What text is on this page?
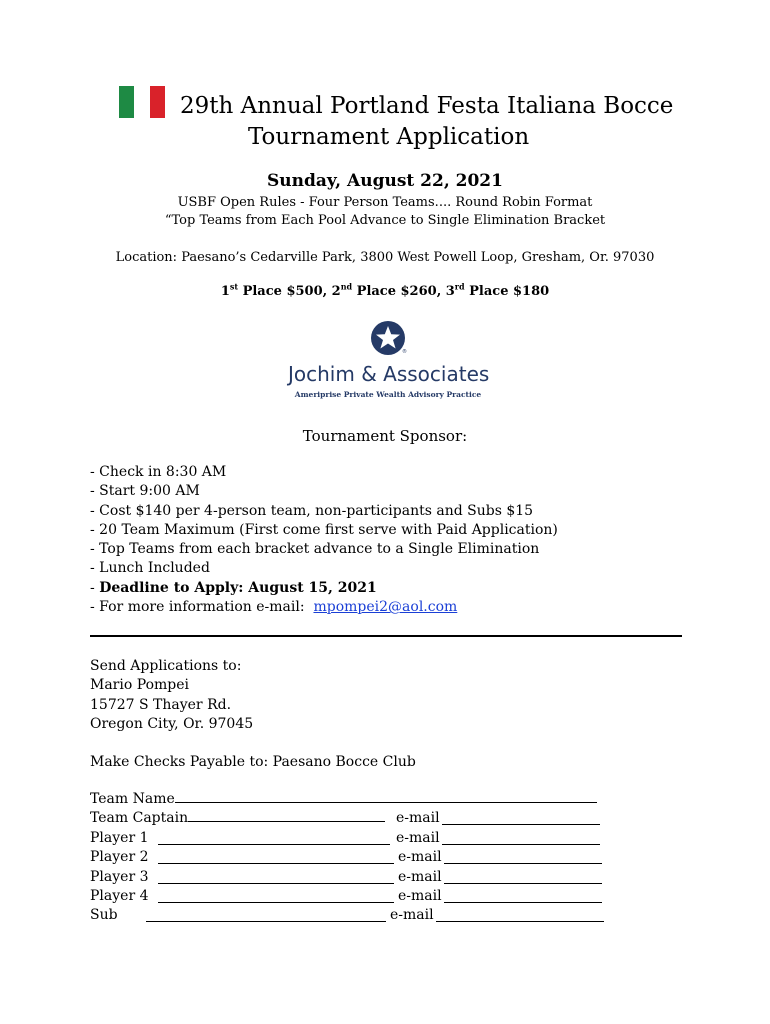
29th Annual Portland Festa Italiana Bocce
Tournament Application
Sunday, August 22, 2021
USBF Open Rules - Four Person Teams.... Round Robin Format
“Top Teams from Each Pool Advance to Single Elimination Bracket
Location: Paesano’s Cedarville Park, 3800 West Powell Loop, Gresham, Or. 97030
1st Place $500, 2nd Place $260, 3rd Place $180
®
Jochim & Associates
Ameriprise Private Wealth Advisory Practice
Tournament Sponsor:
- Check in 8:30 AM
- Start 9:00 AM
- Cost $140 per 4-person team, non-participants and Subs $15
- 20 Team Maximum (First come first serve with Paid Application)
- Top Teams from each bracket advance to a Single Elimination
- Lunch Included
- Deadline to Apply: August 15, 2021
- For more information e-mail:  mpompei2@aol.com
Send Applications to:
Mario Pompei
15727 S Thayer Rd.
Oregon City, Or. 97045
Make Checks Payable to: Paesano Bocce Club
Team Name
Team Captain	e-mail
Player 1	e-mail
Player 2	e-mail
Player 3	e-mail
Player 4	e-mail
Sub	e-mail
